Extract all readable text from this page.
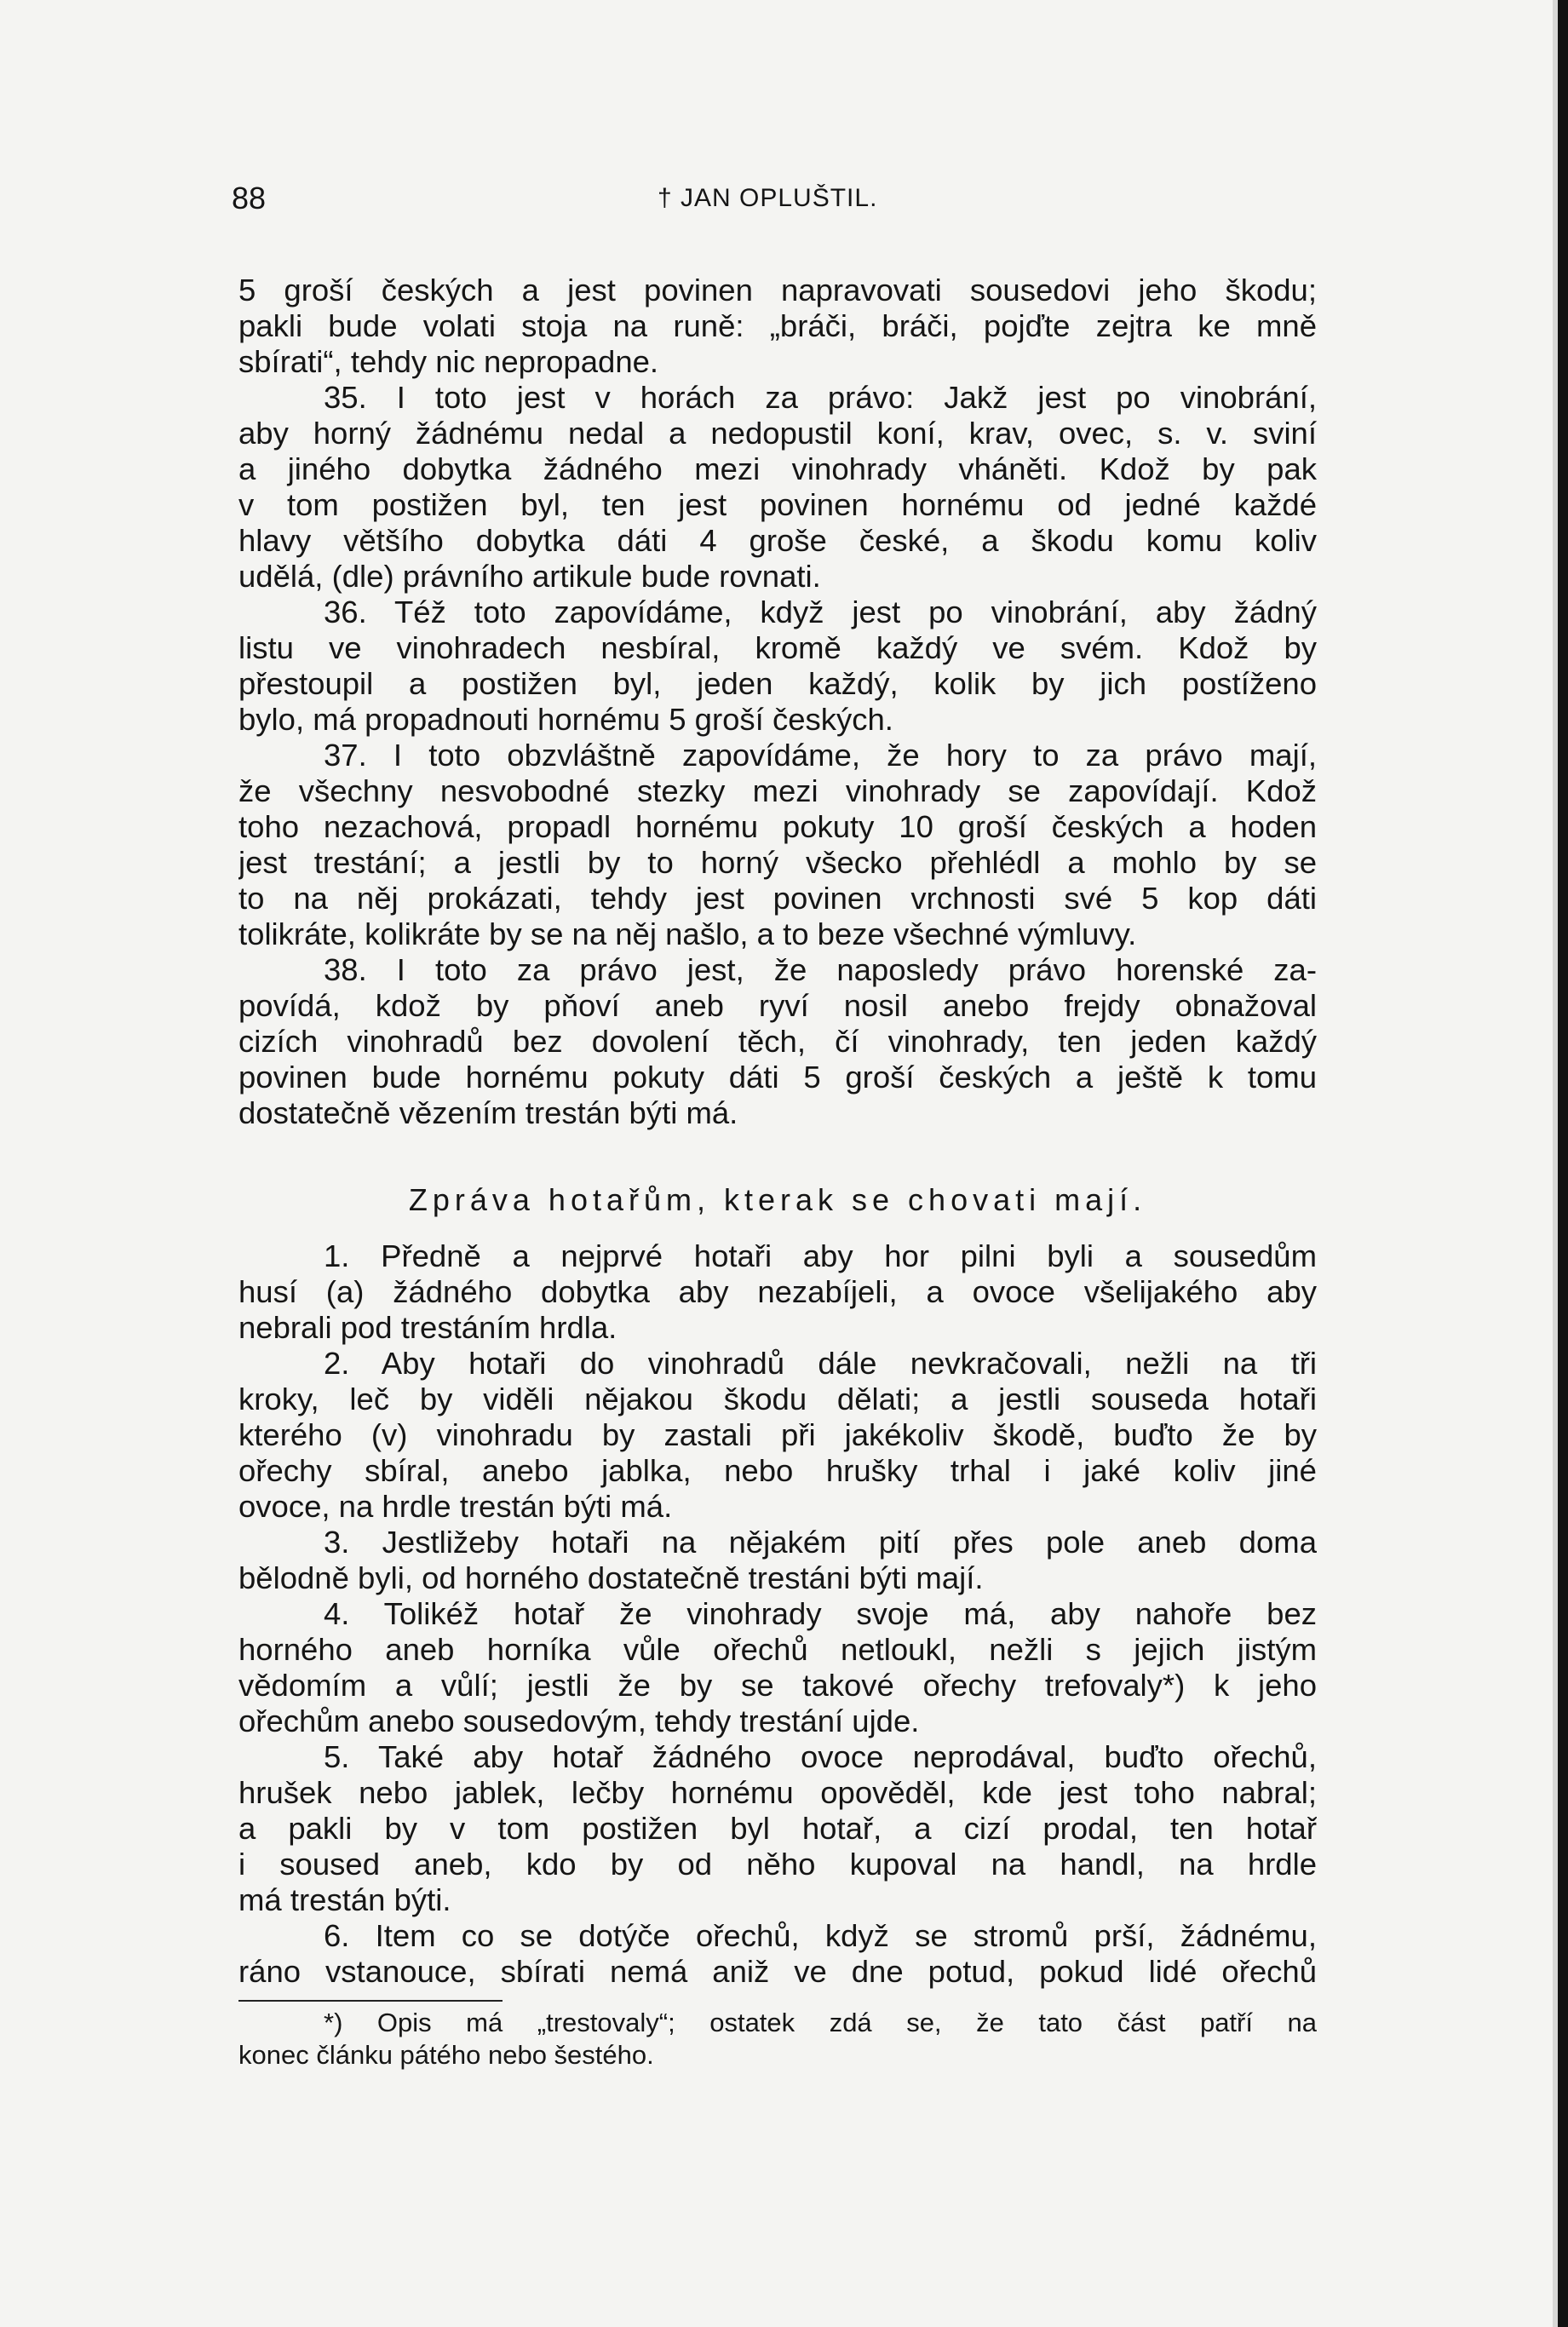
88	† JAN OPLUŠTIL.
5 groší českých a jest povinen napravovati sousedovi jeho škodu;
pakli bude volati stoja na runě: „bráči, bráči, pojďte zejtra ke mně
sbírati“, tehdy nic nepropadne.
35. I toto jest v horách za právo: Jakž jest po vinobrání,
aby horný žádnému nedal a nedopustil koní, krav, ovec, s. v. sviní
a jiného dobytka žádného mezi vinohrady vháněti. Kdož by pak
v tom postižen byl, ten jest povinen hornému od jedné každé
hlavy většího dobytka dáti 4 groše české, a škodu komu koliv
udělá, (dle) právního artikule bude rovnati.
36. Též toto zapovídáme, když jest po vinobrání, aby žádný
listu ve vinohradech nesbíral, kromě každý ve svém. Kdož by
přestoupil a postižen byl, jeden každý, kolik by jich postíženo
bylo, má propadnouti hornému 5 groší českých.
37. I toto obzvláštně zapovídáme, že hory to za právo mají,
že všechny nesvobodné stezky mezi vinohrady se zapovídají. Kdož
toho nezachová, propadl hornému pokuty 10 groší českých a hoden
jest trestání; a jestli by to horný všecko přehlédl a mohlo by se
to na něj prokázati, tehdy jest povinen vrchnosti své 5 kop dáti
tolikráte, kolikráte by se na něj našlo, a to beze všechné výmluvy.
38. I toto za právo jest, že naposledy právo horenské za-
povídá, kdož by pňoví aneb ryví nosil anebo frejdy obnažoval
cizích vinohradů bez dovolení těch, čí vinohrady, ten jeden každý
povinen bude hornému pokuty dáti 5 groší českých a ještě k tomu
dostatečně vězením trestán býti má.
Zpráva hotařům, kterak se chovati mají.
1. Předně a nejprvé hotaři aby hor pilni byli a sousedům
husí (a) žádného dobytka aby nezabíjeli, a ovoce všelijakého aby
nebrali pod trestáním hrdla.
2. Aby hotaři do vinohradů dále nevkračovali, nežli na tři
kroky, leč by viděli nějakou škodu dělati; a jestli souseda hotaři
kterého (v) vinohradu by zastali při jakékoliv škodě, buďto že by
ořechy sbíral, anebo jablka, nebo hrušky trhal i jaké koliv jiné
ovoce, na hrdle trestán býti má.
3. Jestližeby hotaři na nějakém pití přes pole aneb doma
bělodně byli, od horného dostatečně trestáni býti mají.
4. Tolikéž hotař že vinohrady svoje má, aby nahoře bez
horného aneb horníka vůle ořechů netloukl, nežli s jejich jistým
vědomím a vůlí; jestli že by se takové ořechy trefovaly*) k jeho
ořechům anebo sousedovým, tehdy trestání ujde.
5. Také aby hotař žádného ovoce neprodával, buďto ořechů,
hrušek nebo jablek, lečby hornému opověděl, kde jest toho nabral;
a pakli by v tom postižen byl hotař, a cizí prodal, ten hotař
i soused aneb, kdo by od něho kupoval na handl, na hrdle
má trestán býti.
6. Item co se dotýče ořechů, když se stromů prší, žádnému,
ráno vstanouce, sbírati nemá aniž ve dne potud, pokud lidé ořechů
*) Opis má „trestovaly“; ostatek zdá se, že tato část patří na
konec článku pátého nebo šestého.
